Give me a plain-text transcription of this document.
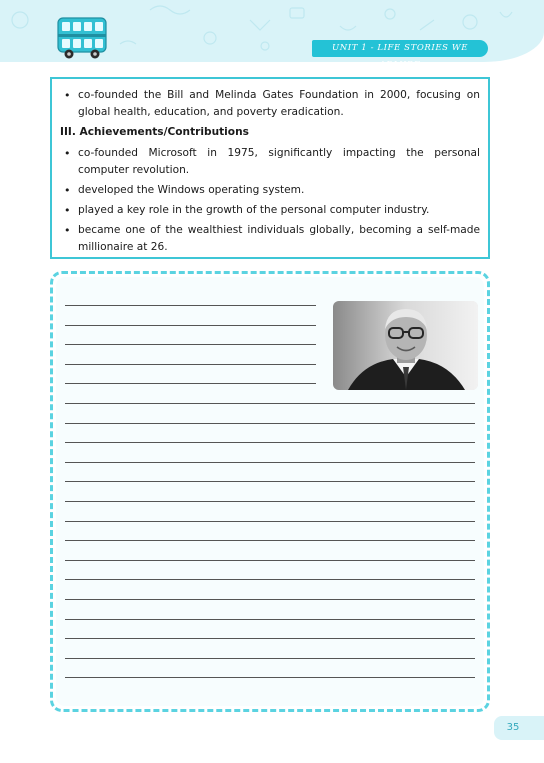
UNIT 1 - LIFE STORIES WE ADMIRE
• co-founded the Bill and Melinda Gates Foundation in 2000, focusing on global health, education, and poverty eradication.
III. Achievements/Contributions
• co-founded Microsoft in 1975, significantly impacting the personal computer revolution.
• developed the Windows operating system.
• played a key role in the growth of the personal computer industry.
• became one of the wealthiest individuals globally, becoming a self-made millionaire at 26.
35
